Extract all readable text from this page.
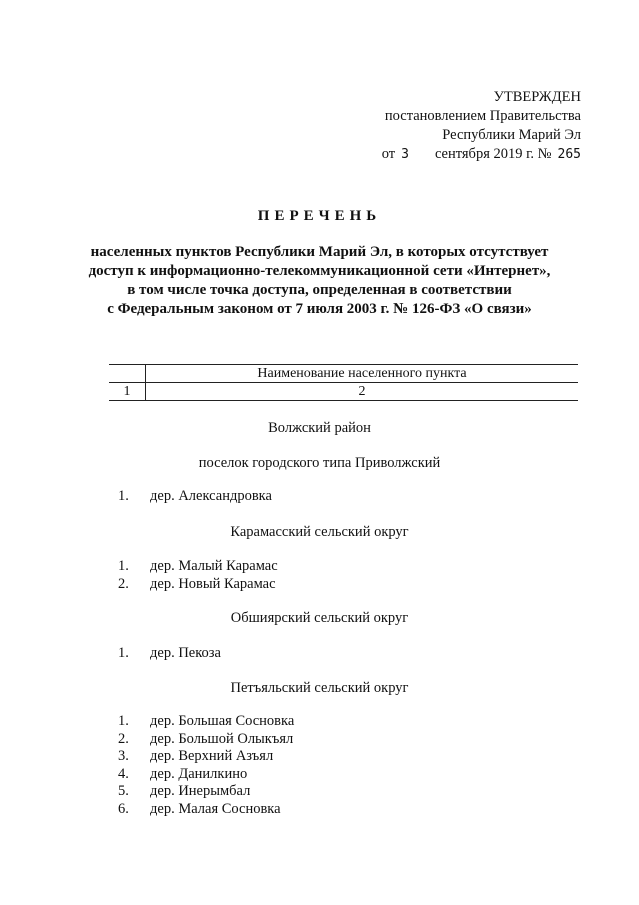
УТВЕРЖДЕН
постановлением Правительства
Республики Марий Эл
от 3 сентября 2019 г. № 265
ПЕРЕЧЕНЬ
населенных пунктов Республики Марий Эл, в которых отсутствует
доступ к информационно-телекоммуникационной сети «Интернет»,
в том числе точка доступа, определенная в соответствии
с Федеральным законом от 7 июля 2003 г. № 126-ФЗ «О связи»
	Наименование населенного пункта
1	2
Волжский район
поселок городского типа Приволжский
1.	дер. Александровка
Карамасский сельский округ
1.	дер. Малый Карамас
2.	дер. Новый Карамас
Обшиярский сельский округ
1.	дер. Пекоза
Петъяльский сельский округ
1.	дер. Большая Сосновка
2.	дер. Большой Олыкъял
3.	дер. Верхний Азъял
4.	дер. Данилкино
5.	дер. Инерымбал
6.	дер. Малая Сосновка
